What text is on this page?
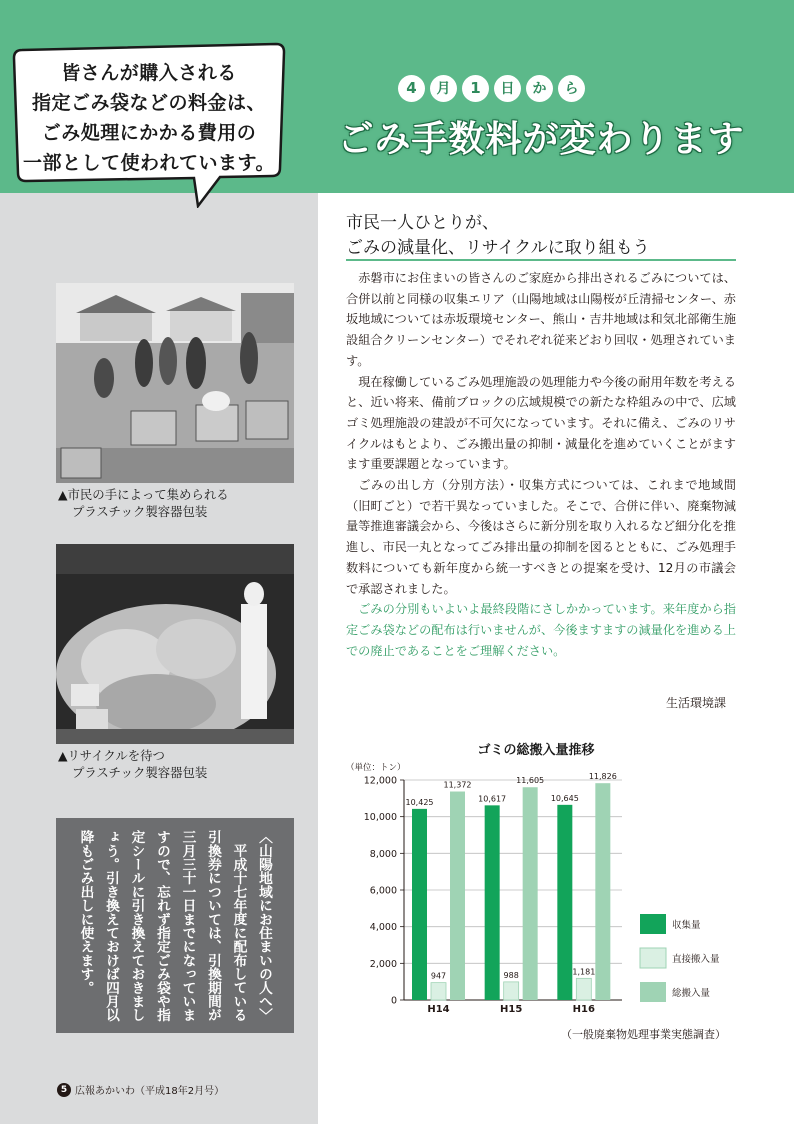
皆さんが購入される
指定ごみ袋などの料金は、
ごみ処理にかかる費用の
一部として使われています。
4	月	1	日	か	ら
ごみ手数料が変わります
市民一人ひとりが、
ごみの減量化、リサイクルに取り組もう

赤磐市にお住まいの皆さんのご家庭から排出されるごみについては、合併以前と同様の収集エリア（山陽地域は山陽桜が丘清掃センター、赤坂地域については赤坂環境センター、熊山・吉井地域は和気北部衛生施設組合クリーンセンター）でそれぞれ従来どおり回収・処理されています。

現在稼働しているごみ処理施設の処理能力や今後の耐用年数を考えると、近い将来、備前ブロックの広域規模での新たな枠組みの中で、広域ゴミ処理施設の建設が不可欠になっています。それに備え、ごみのリサイクルはもとより、ごみ搬出量の抑制・減量化を進めていくことがますます重要課題となっています。

ごみの出し方（分別方法）・収集方式については、これまで地域間（旧町ごと）で若干異なっていました。そこで、合併に伴い、廃棄物減量等推進審議会から、今後はさらに新分別を取り入れるなど細分化を推進し、市民一丸となってごみ排出量の抑制を図るとともに、ごみ処理手数料についても新年度から統一すべきとの提案を受け、12月の市議会で承認されました。

ごみの分別もいよいよ最終段階にさしかかっています。来年度から指定ごみ袋などの配布は行いませんが、今後ますますの減量化を進める上での廃止であることをご理解ください。

生活環境課
▲市民の手によって集められる
プラスチック製容器包装
▲リサイクルを待つ
プラスチック製容器包装
〈山陽地域にお住まいの人へ〉
平成十七年度に配布している引換券については、引換期間が三月三十一日までになっていますので、忘れず指定ごみ袋や指定シールに引き換えておきましょう。引き換えておけば四月以降もごみ出しに使えます。
ゴミの総搬入量推移
（単位：トン）
0
2,000
4,000
6,000
8,000
10,000
12,000
H14
10,425
947
11,372
H15
10,617
988
11,605
H16
10,645
1,181
11,826
収集量
直接搬入量
総搬入量
（一般廃棄物処理事業実態調査）
5 広報あかいわ（平成18年2月号）
